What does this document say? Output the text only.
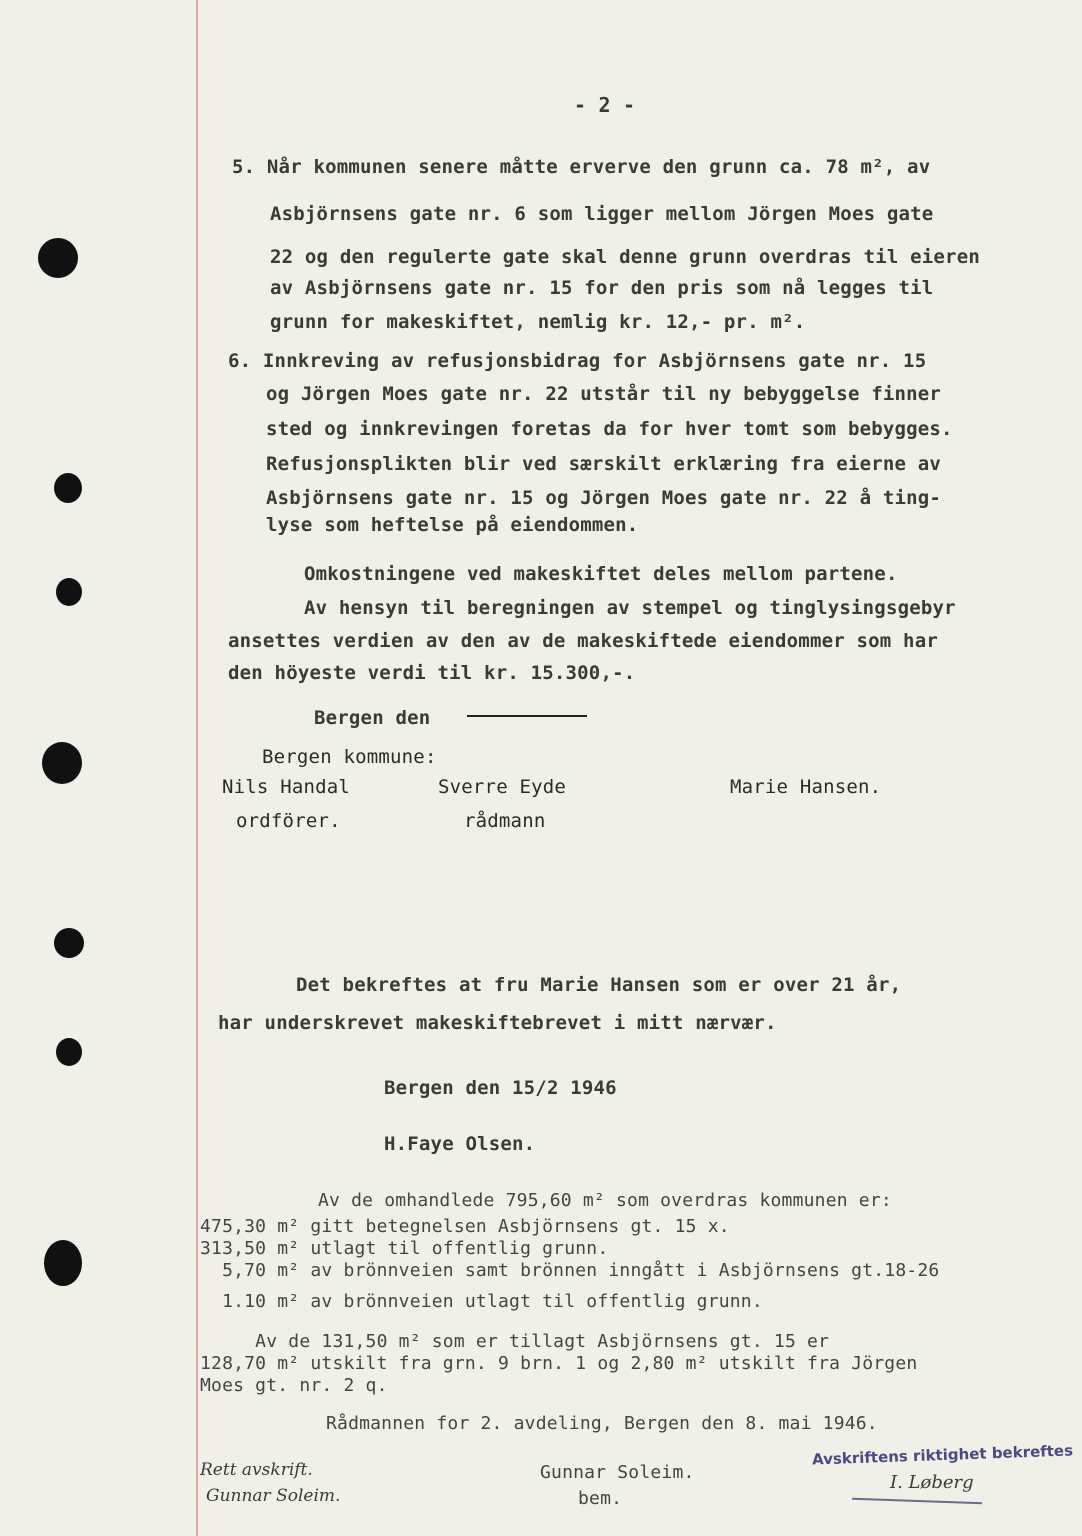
- 2 -
5. Når kommunen senere måtte erverve den grunn ca. 78 m², av
Asbjörnsens gate nr. 6 som ligger mellom Jörgen Moes gate
22 og den regulerte gate skal denne grunn overdras til eieren
av Asbjörnsens gate nr. 15 for den pris som nå legges til
grunn for makeskiftet, nemlig kr. 12,- pr. m².
6. Innkreving av refusjonsbidrag for Asbjörnsens gate nr. 15
og Jörgen Moes gate nr. 22 utstår til ny bebyggelse finner
sted og innkrevingen foretas da for hver tomt som bebygges.
Refusjonsplikten blir ved særskilt erklæring fra eierne av
Asbjörnsens gate nr. 15 og Jörgen Moes gate nr. 22 å ting-
lyse som heftelse på eiendommen.
Omkostningene ved makeskiftet deles mellom partene.
Av hensyn til beregningen av stempel og tinglysingsgebyr
ansettes verdien av den av de makeskiftede eiendommer som har
den höyeste verdi til kr. 15.300,-.
Bergen den
Bergen kommune:
Nils Handal
ordförer.
Sverre Eyde
rådmann
Marie Hansen.
Det bekreftes at fru Marie Hansen som er over 21 år,
har underskrevet makeskiftebrevet i mitt nærvær.
Bergen den 15/2 1946
H.Faye Olsen.
Av de omhandlede 795,60 m² som overdras kommunen er:
475,30 m² gitt betegnelsen Asbjörnsens gt. 15 x.
313,50 m² utlagt til offentlig grunn.
5,70 m² av brönnveien samt brönnen inngått i Asbjörnsens gt.18-26
1.10 m² av brönnveien utlagt til offentlig grunn.
Av de 131,50 m² som er tillagt Asbjörnsens gt. 15 er
128,70 m² utskilt fra grn. 9 brn. 1 og 2,80 m² utskilt fra Jörgen
Moes gt. nr. 2 q.
Rådmannen for 2. avdeling, Bergen den 8. mai 1946.
Gunnar Soleim.
bem.
Rett avskrift.
Gunnar Soleim.
Avskriftens riktighet bekreftes
I. Løberg
